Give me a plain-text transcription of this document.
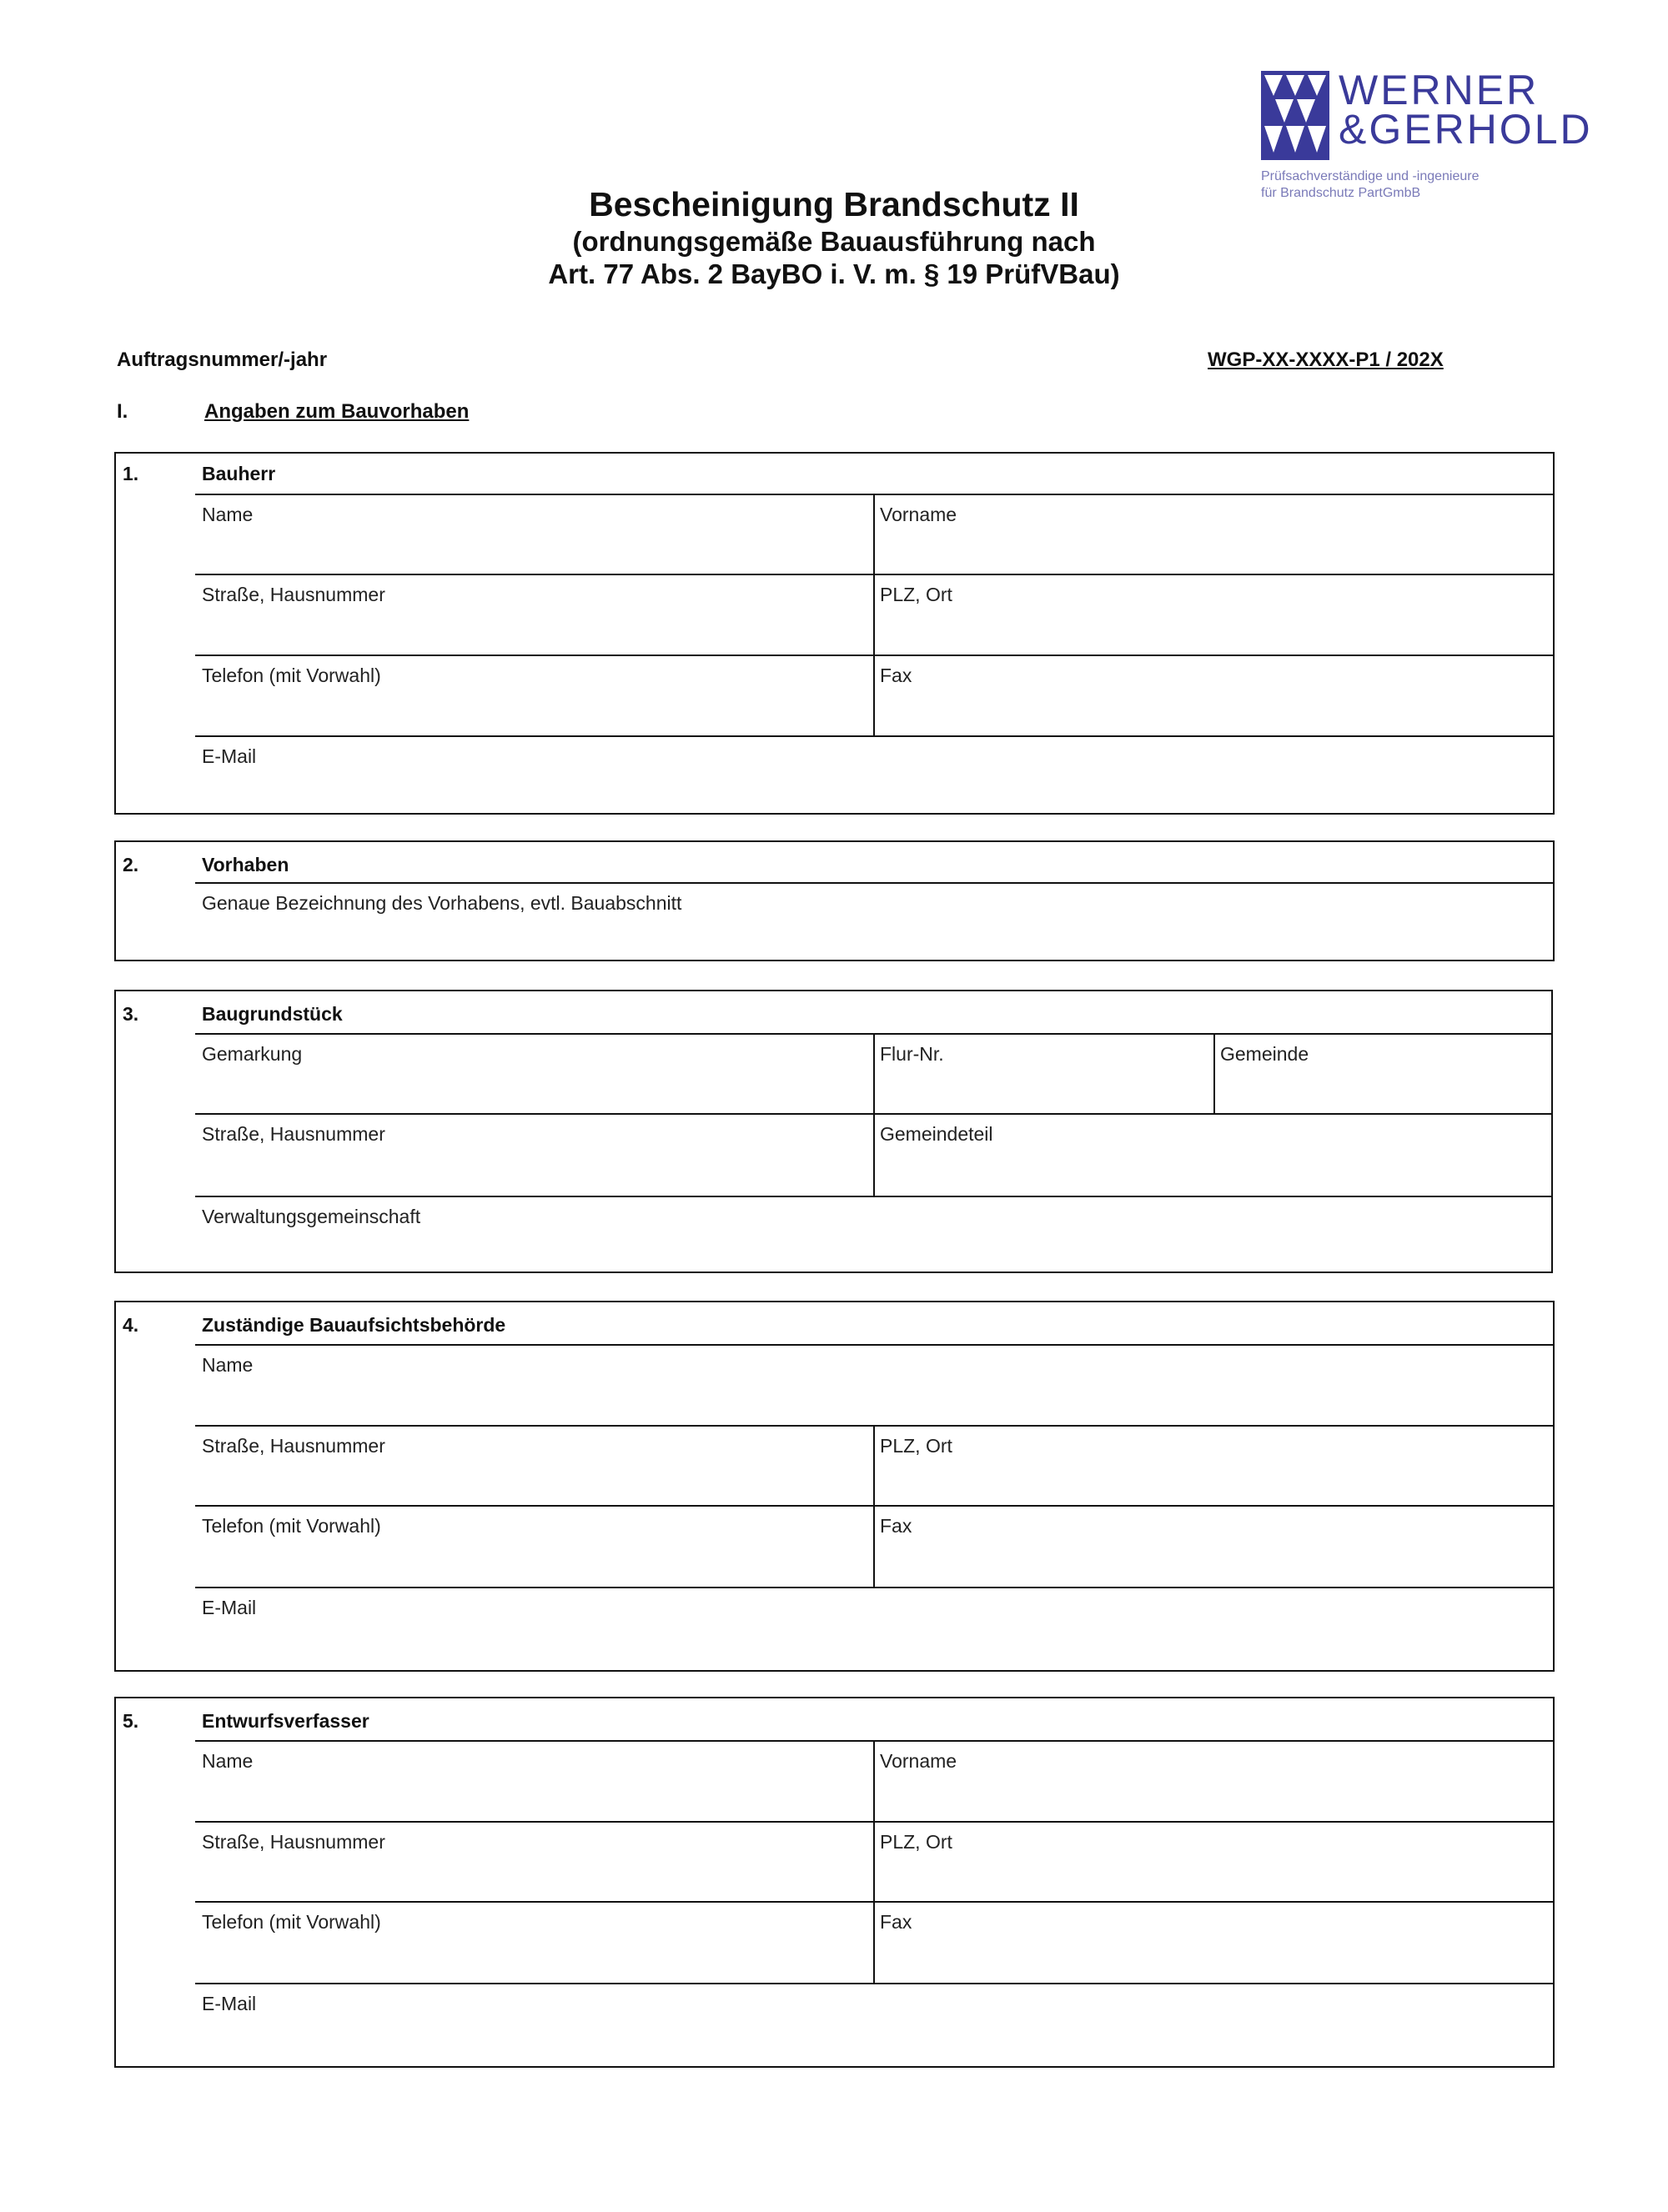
WERNER
&GERHOLD
Prüfsachverständige und -ingenieure
für Brandschutz PartGmbB
Bescheinigung Brandschutz II
(ordnungsgemäße Bauausführung nach
Art. 77 Abs. 2 BayBO i. V. m. § 19 PrüfVBau)
Auftragsnummer/-jahr	WGP-XX-XXXX-P1 / 202X
I.	Angaben zum Bauvorhaben
1.	Bauherr
Name	Vorname
Straße, Hausnummer	PLZ, Ort
Telefon (mit Vorwahl)	Fax
E-Mail
2.	Vorhaben
Genaue Bezeichnung des Vorhabens, evtl. Bauabschnitt
3.	Baugrundstück
Gemarkung	Flur-Nr.	Gemeinde
Straße, Hausnummer	Gemeindeteil
Verwaltungsgemeinschaft
4.	Zuständige Bauaufsichtsbehörde
Name
Straße, Hausnummer	PLZ, Ort
Telefon (mit Vorwahl)	Fax
E-Mail
5.	Entwurfsverfasser
Name	Vorname
Straße, Hausnummer	PLZ, Ort
Telefon (mit Vorwahl)	Fax
E-Mail
